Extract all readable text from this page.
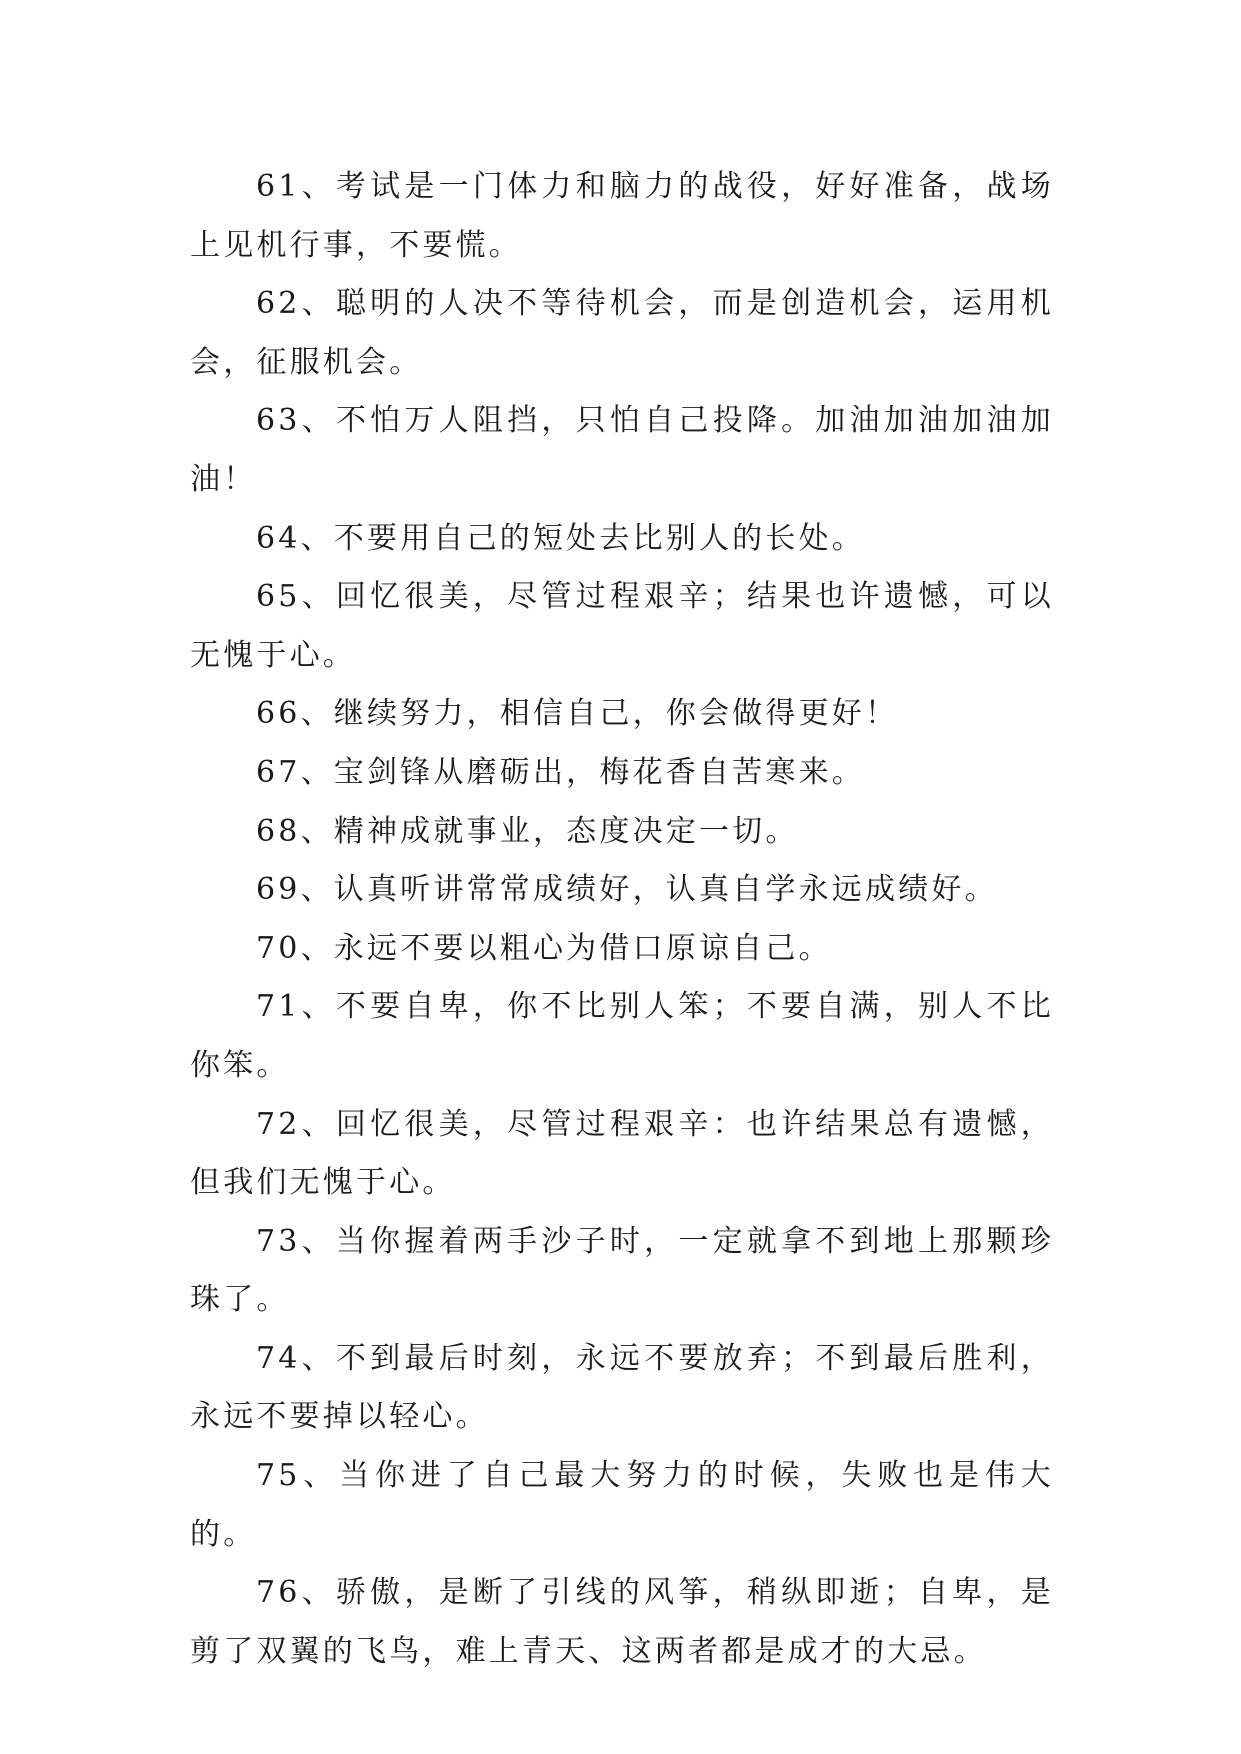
61、考试是一门体力和脑力的战役，好好准备，战场上见机行事，不要慌。

62、聪明的人决不等待机会，而是创造机会，运用机会，征服机会。

63、不怕万人阻挡，只怕自己投降。加油加油加油加油！

64、不要用自己的短处去比别人的长处。

65、回忆很美，尽管过程艰辛；结果也许遗憾，可以无愧于心。

66、继续努力，相信自己，你会做得更好！

67、宝剑锋从磨砺出，梅花香自苦寒来。

68、精神成就事业，态度决定一切。

69、认真听讲常常成绩好，认真自学永远成绩好。

70、永远不要以粗心为借口原谅自己。

71、不要自卑，你不比别人笨；不要自满，别人不比你笨。

72、回忆很美，尽管过程艰辛：也许结果总有遗憾，但我们无愧于心。

73、当你握着两手沙子时，一定就拿不到地上那颗珍珠了。

74、不到最后时刻，永远不要放弃；不到最后胜利，永远不要掉以轻心。

75、当你进了自己最大努力的时候，失败也是伟大的。

76、骄傲，是断了引线的风筝，稍纵即逝；自卑，是剪了双翼的飞鸟，难上青天、这两者都是成才的大忌。
